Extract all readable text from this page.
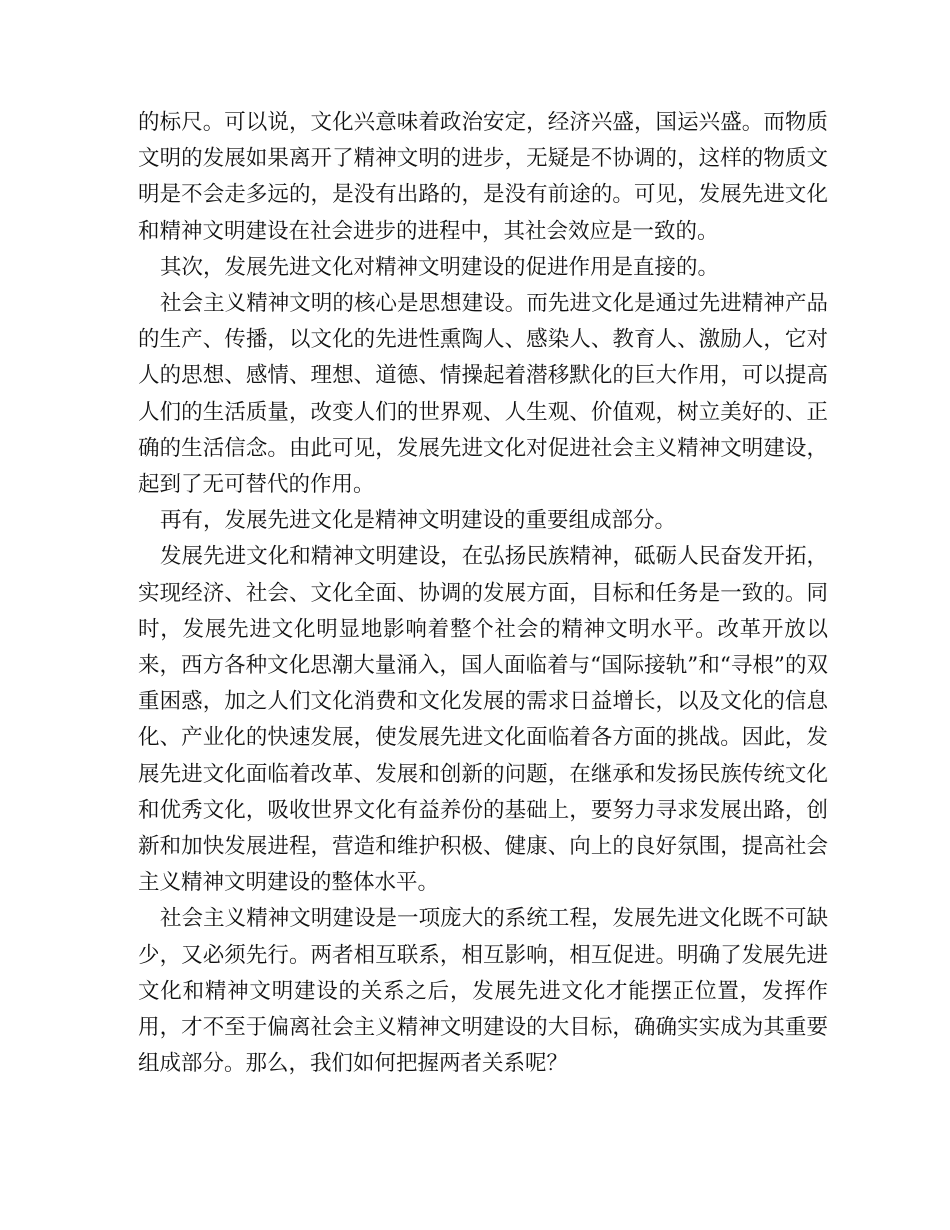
的标尺。可以说，文化兴意味着政治安定，经济兴盛，国运兴盛。而物质文明的发展如果离开了精神文明的进步，无疑是不协调的，这样的物质文明是不会走多远的，是没有出路的，是没有前途的。可见，发展先进文化和精神文明建设在社会进步的进程中，其社会效应是一致的。

其次，发展先进文化对精神文明建设的促进作用是直接的。

社会主义精神文明的核心是思想建设。而先进文化是通过先进精神产品的生产、传播，以文化的先进性熏陶人、感染人、教育人、激励人，它对人的思想、感情、理想、道德、情操起着潜移默化的巨大作用，可以提高人们的生活质量，改变人们的世界观、人生观、价值观，树立美好的、正确的生活信念。由此可见，发展先进文化对促进社会主义精神文明建设，起到了无可替代的作用。

再有，发展先进文化是精神文明建设的重要组成部分。

发展先进文化和精神文明建设，在弘扬民族精神，砥砺人民奋发开拓，实现经济、社会、文化全面、协调的发展方面，目标和任务是一致的。同时，发展先进文化明显地影响着整个社会的精神文明水平。改革开放以来，西方各种文化思潮大量涌入，国人面临着与“国际接轨”和“寻根”的双重困惑，加之人们文化消费和文化发展的需求日益增长，以及文化的信息化、产业化的快速发展，使发展先进文化面临着各方面的挑战。因此，发展先进文化面临着改革、发展和创新的问题，在继承和发扬民族传统文化和优秀文化，吸收世界文化有益养份的基础上，要努力寻求发展出路，创新和加快发展进程，营造和维护积极、健康、向上的良好氛围，提高社会主义精神文明建设的整体水平。

社会主义精神文明建设是一项庞大的系统工程，发展先进文化既不可缺少，又必须先行。两者相互联系，相互影响，相互促进。明确了发展先进文化和精神文明建设的关系之后，发展先进文化才能摆正位置，发挥作用，才不至于偏离社会主义精神文明建设的大目标，确确实实成为其重要组成部分。那么，我们如何把握两者关系呢？
